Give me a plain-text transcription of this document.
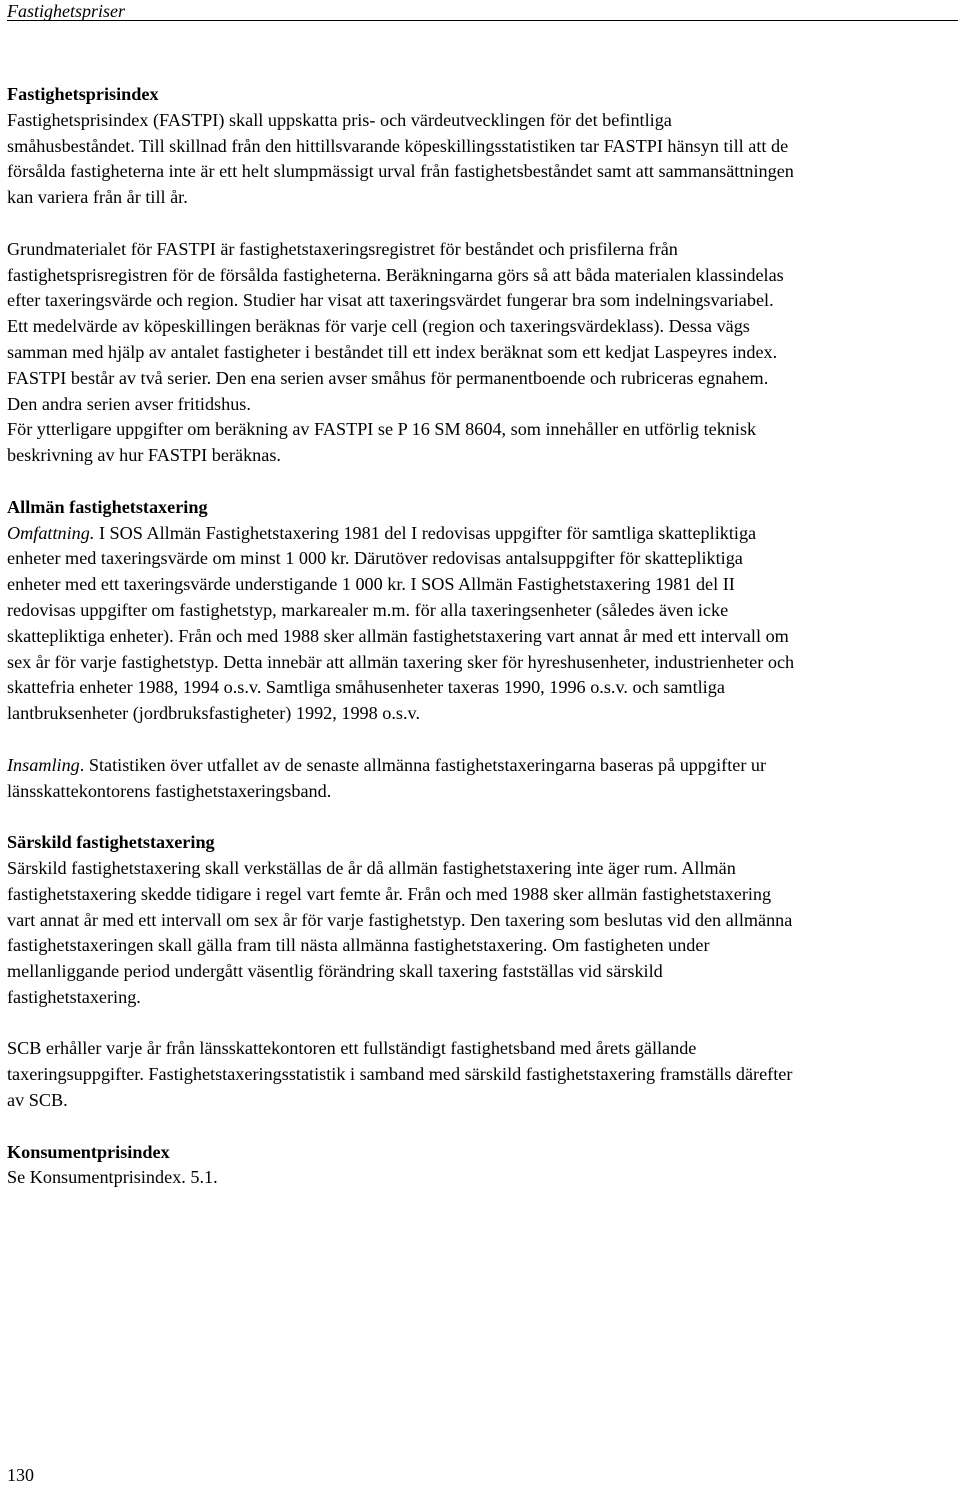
Fastighetspriser
Fastighetsprisindex

Fastighetsprisindex (FASTPI) skall uppskatta pris- och värdeutvecklingen för det befintliga småhusbeståndet. Till skillnad från den hittillsvarande köpeskillingsstatistiken tar FASTPI hänsyn till att de försålda fastigheterna inte är ett helt slumpmässigt urval från fastighetsbeståndet samt att sammansättningen kan variera från år till år.

Grundmaterialet för FASTPI är fastighetstaxeringsregistret för beståndet och prisfilerna från fastighetsprisregistren för de försålda fastigheterna. Beräkningarna görs så att båda materialen klassindelas efter taxeringsvärde och region. Studier har visat att taxeringsvärdet fungerar bra som indelningsvariabel. Ett medelvärde av köpeskillingen beräknas för varje cell (region och taxeringsvärdeklass). Dessa vägs samman med hjälp av antalet fastigheter i beståndet till ett index beräknat som ett kedjat Laspeyres index. FASTPI består av två serier. Den ena serien avser småhus för permanentboende och rubriceras egnahem. Den andra serien avser fritidshus.

För ytterligare uppgifter om beräkning av FASTPI se P 16 SM 8604, som innehåller en utförlig teknisk beskrivning av hur FASTPI beräknas.

Allmän fastighetstaxering

Omfattning. I SOS Allmän Fastighetstaxering 1981 del I redovisas uppgifter för samtliga skattepliktiga enheter med taxeringsvärde om minst 1 000 kr. Därutöver redovisas antalsuppgifter för skattepliktiga enheter med ett taxeringsvärde understigande 1 000 kr. I SOS Allmän Fastighetstaxering 1981 del II redovisas uppgifter om fastighetstyp, markarealer m.m. för alla taxeringsenheter (således även icke skattepliktiga enheter). Från och med 1988 sker allmän fastighetstaxering vart annat år med ett intervall om sex år för varje fastighetstyp. Detta innebär att allmän taxering sker för hyreshusenheter, industrienheter och skattefria enheter 1988, 1994 o.s.v. Samtliga småhusenheter taxeras 1990, 1996 o.s.v. och samtliga lantbruksenheter (jordbruksfastigheter) 1992, 1998 o.s.v.

Insamling. Statistiken över utfallet av de senaste allmänna fastighetstaxeringarna baseras på uppgifter ur länsskattekontorens fastighetstaxeringsband.

Särskild fastighetstaxering

Särskild fastighetstaxering skall verkställas de år då allmän fastighetstaxering inte äger rum. Allmän fastighetstaxering skedde tidigare i regel vart femte år. Från och med 1988 sker allmän fastighetstaxering vart annat år med ett intervall om sex år för varje fastighetstyp. Den taxering som beslutas vid den allmänna fastighetstaxeringen skall gälla fram till nästa allmänna fastighetstaxering. Om fastigheten under mellanliggande period undergått väsentlig förändring skall taxering fastställas vid särskild fastighetstaxering.

SCB erhåller varje år från länsskattekontoren ett fullständigt fastighetsband med årets gällande taxeringsuppgifter. Fastighetstaxeringsstatistik i samband med särskild fastighetstaxering framställs därefter av SCB.

Konsumentprisindex

Se Konsumentprisindex. 5.1.

130
